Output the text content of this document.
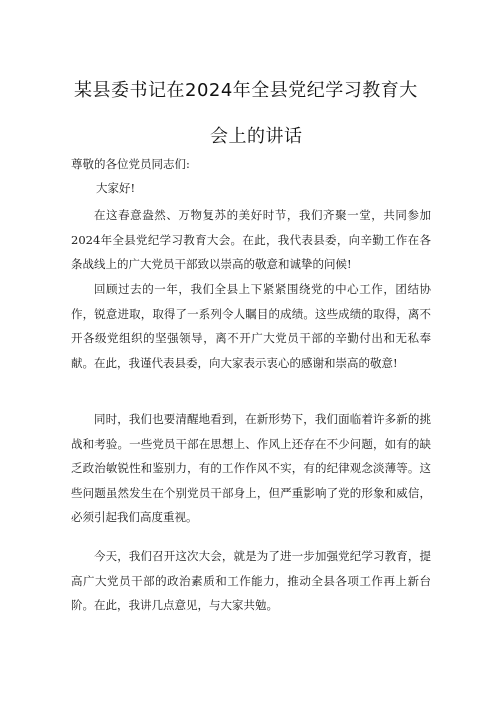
某县委书记在2024年全县党纪学习教育大
会上的讲话
尊敬的各位党员同志们:
大家好!

在这春意盎然、万物复苏的美好时节，我们齐聚一堂，共同参加2024年全县党纪学习教育大会。在此，我代表县委，向辛勤工作在各条战线上的广大党员干部致以崇高的敬意和诚挚的问候!

回顾过去的一年，我们全县上下紧紧围绕党的中心工作，团结协作，锐意进取，取得了一系列令人瞩目的成绩。这些成绩的取得，离不开各级党组织的坚强领导，离不开广大党员干部的辛勤付出和无私奉献。在此，我谨代表县委，向大家表示衷心的感谢和崇高的敬意!

同时，我们也要清醒地看到，在新形势下，我们面临着许多新的挑战和考验。一些党员干部在思想上、作风上还存在不少问题，如有的缺乏政治敏锐性和鉴别力，有的工作作风不实，有的纪律观念淡薄等。这些问题虽然发生在个别党员干部身上，但严重影响了党的形象和威信，必须引起我们高度重视。

今天，我们召开这次大会，就是为了进一步加强党纪学习教育，提高广大党员干部的政治素质和工作能力，推动全县各项工作再上新台阶。在此，我讲几点意见，与大家共勉。
